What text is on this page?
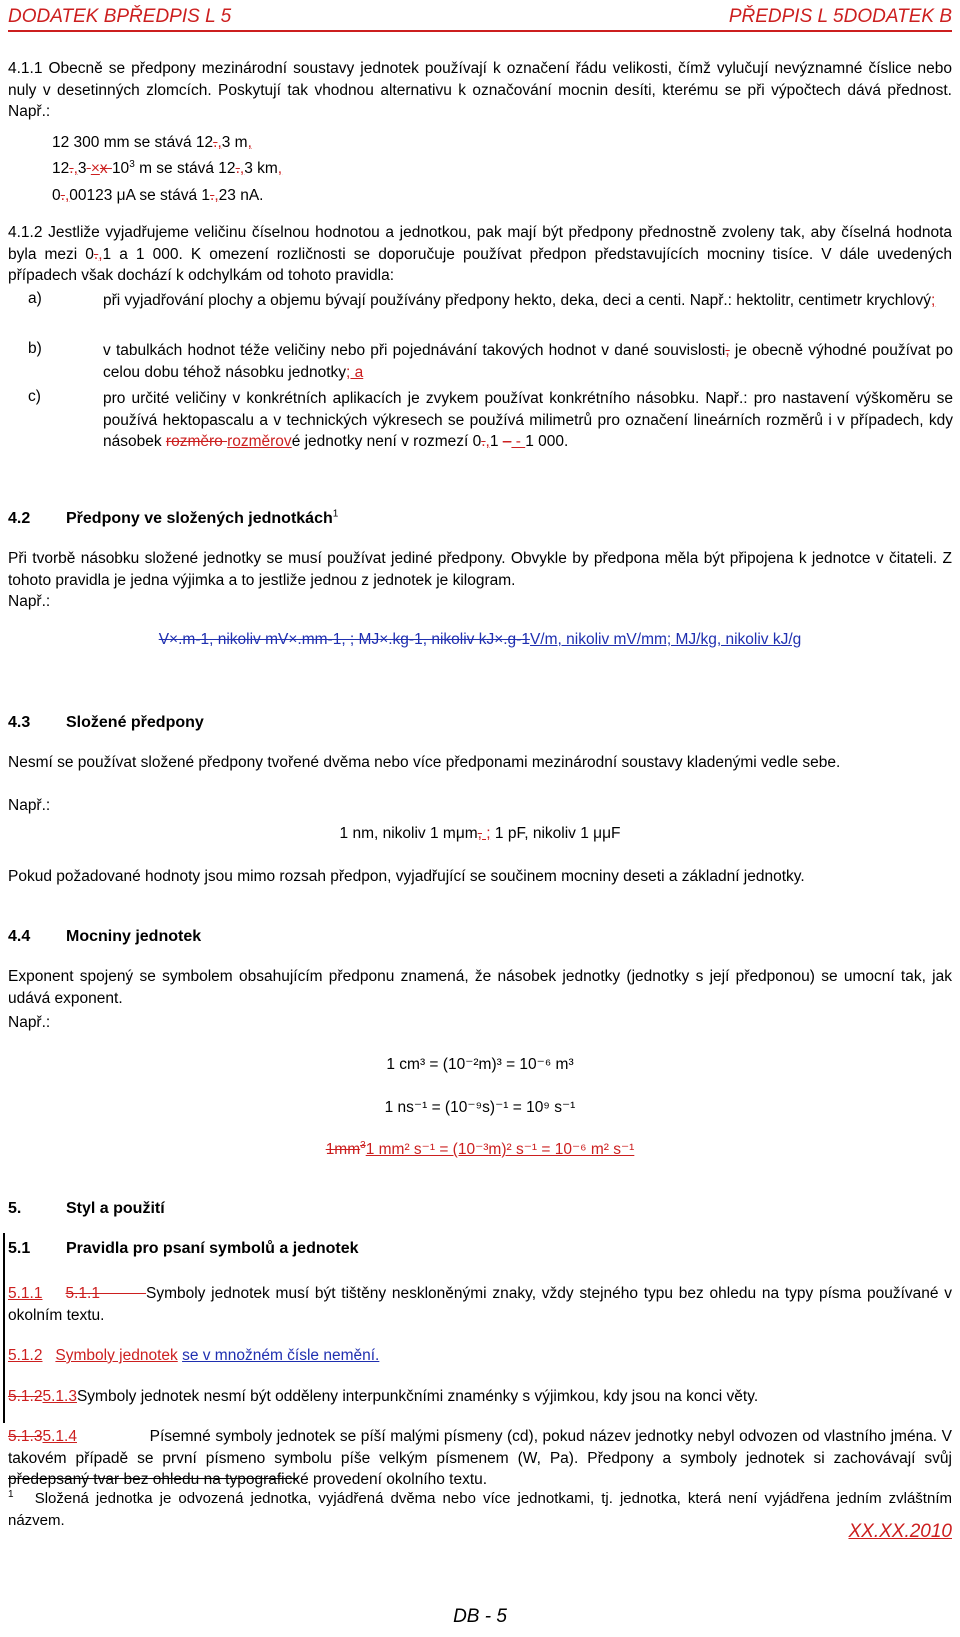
DODATEK BPŘEDPIS L 5	PŘEDPIS L 5DODATEK B
4.1.1 Obecně se předpony mezinárodní soustavy jednotek používají k označení řádu velikosti, čímž vylučují nevýznamné číslice nebo nuly v desetinných zlomcích. Poskytují tak vhodnou alternativu k označování mocnin desíti, kterému se při výpočtech dává přednost. Např.:
12 300 mm se stává 12.,3 m,
12.,3 ×x $10^3$ m se stává 12.,3 km,
0.,00123 μA se stává 1.,23 nA.
4.1.2 Jestliže vyjadřujeme veličinu číselnou hodnotou a jednotkou, pak mají být předpony přednostně zvoleny tak, aby číselná hodnota byla mezi 0.,1 a 1 000. K omezení rozličnosti se doporučuje používat předpon představujících mocniny tisíce. V dále uvedených případech však dochází k odchylkám od tohoto pravidla:
a)	při vyjadřování plochy a objemu bývají používány předpony hekto, deka, deci a centi. Např.: hektolitr, centimetr krychlový;
b)	v tabulkách hodnot téže veličiny nebo při pojednávání takových hodnot v dané souvislosti, je obecně výhodné používat po celou dobu téhož násobku jednotky; a
c)	pro určité veličiny v konkrétních aplikacích je zvykem používat konkrétního násobku. Např.: pro nastavení výškoměru se používá hektopascalu a v technických výkresech se používá milimetrů pro označení lineárních rozměrů i v případech, kdy násobek rozměro rozměrové jednotky není v rozmezí 0.,1 – - 1 000.
4.2 Předpony ve složených jednotkách$^1$
Při tvorbě násobku složené jednotky se musí používat jediné předpony. Obvykle by předpona měla být připojena k jednotce v čitateli. Z tohoto pravidla je jedna výjimka a to jestliže jednou z jednotek je kilogram.
Např.:
V×.m-1, nikoliv mV×.mm-1, ; MJ×.kg-1, nikoliv kJ×.g-1V/m, nikoliv mV/mm; MJ/kg, nikoliv kJ/g
4.3 Složené předpony
Nesmí se používat složené předpony tvořené dvěma nebo více předponami mezinárodní soustavy kladenými vedle sebe.
Např.:
1 nm, nikoliv 1 mμm, ; 1 pF, nikoliv 1 μμF
Pokud požadované hodnoty jsou mimo rozsah předpon, vyjadřující se součinem mocniny deseti a základní jednotky.
4.4 Mocniny jednotek
Exponent spojený se symbolem obsahujícím předponu znamená, že násobek jednotky (jednotky s její předponou) se umocní tak, jak udává exponent.
Např.:
1 cm³ = (10⁻²m)³ = 10⁻⁶ m³
1 ns⁻¹ = (10⁻⁹s)⁻¹ = 10⁹ s⁻¹
$1mm^31$ mm² s⁻¹ = (10⁻³m)² s⁻¹ = 10⁻⁶ m² s⁻¹
5.	Styl a použití
5.1 Pravidla pro psaní symbolů a jednotek
5.1.1 5.1.1	Symboly jednotek musí být tištěny neskloněnými znaky, vždy stejného typu bez ohledu na typy písma používané v okolním textu.
5.1.2 Symboly jednotek se v množném čísle nemění.
5.1.25.1.3Symboly jednotek nesmí být odděleny interpunkčními znaménky s výjimkou, kdy jsou na konci věty.
5.1.35.1.4	Písemné symboly jednotek se píší malými písmeny (cd), pokud název jednotky nebyl odvozen od vlastního jména. V takovém případě se první písmeno symbolu píše velkým písmenem (W, Pa). Předpony a symboly jednotek si zachovávají svůj předepsaný tvar bez ohledu na typografické provedení okolního textu.
$^1$ Složená jednotka je odvozená jednotka, vyjádřená dvěma nebo více jednotkami, tj. jednotka, která není vyjádřena jedním zvláštním názvem.
XX.XX.2010
DB - 5
